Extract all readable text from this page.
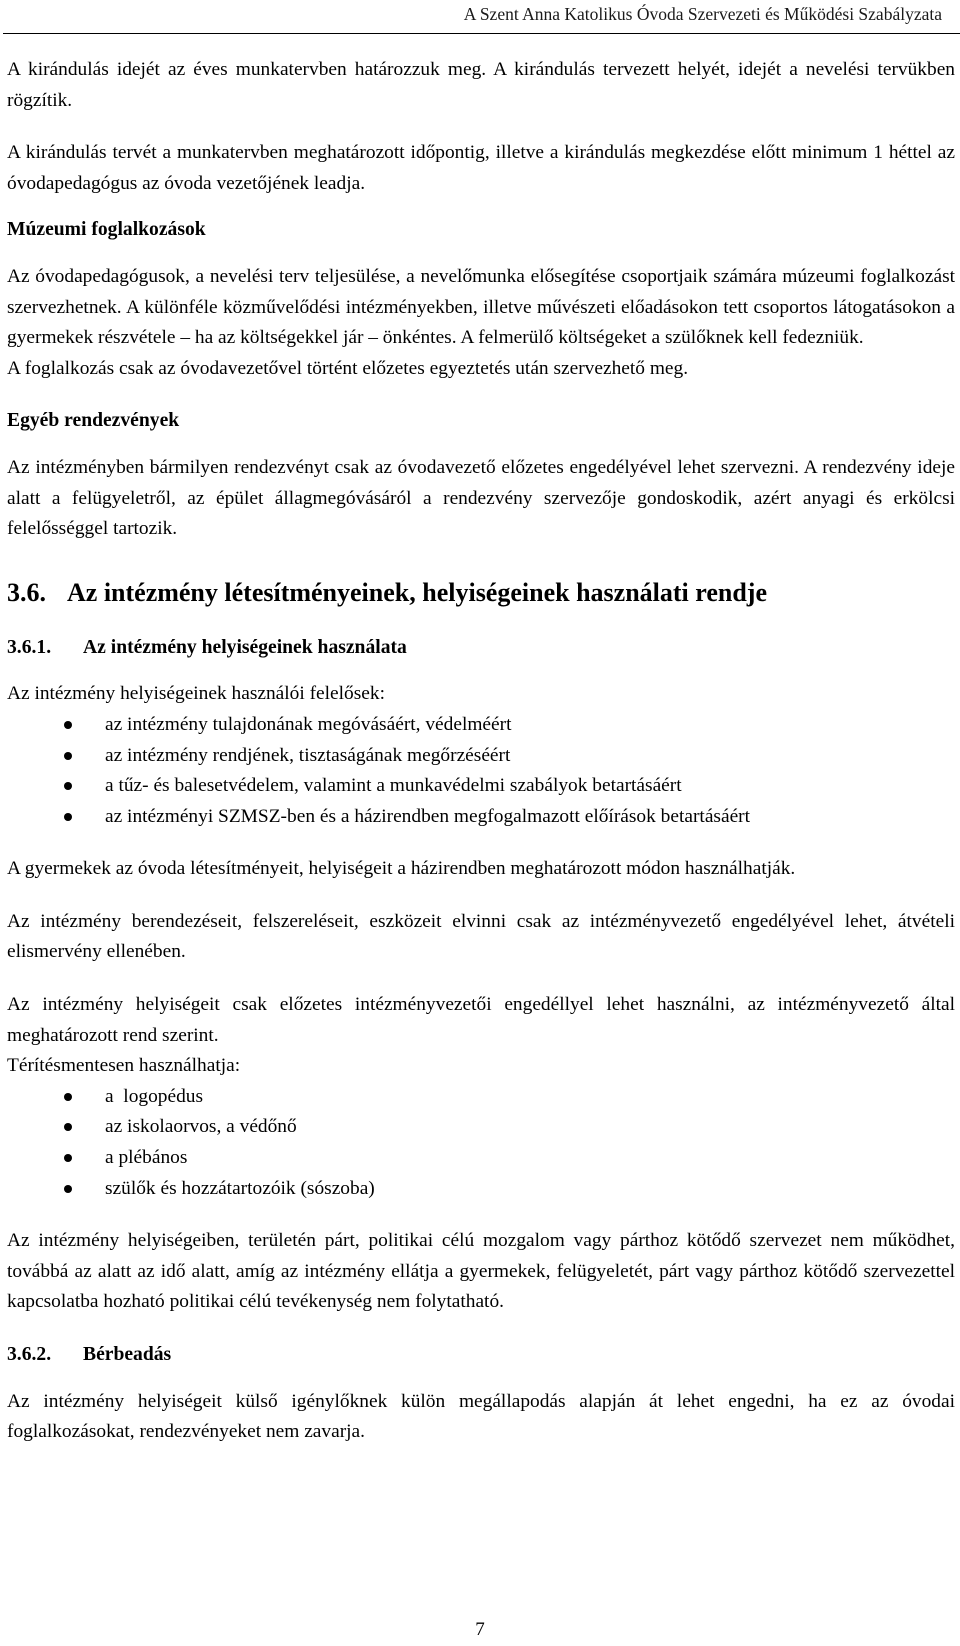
A Szent Anna Katolikus Óvoda Szervezeti és Működési Szabályzata

A kirándulás idejét az éves munkatervben határozzuk meg. A kirándulás tervezett helyét, idejét a nevelési tervükben rögzítik.

A kirándulás tervét a munkatervben meghatározott időpontig, illetve a kirándulás megkezdése előtt minimum 1 héttel az óvodapedagógus az óvoda vezetőjének leadja.

Múzeumi foglalkozások

Az óvodapedagógusok, a nevelési terv teljesülése, a nevelőmunka elősegítése csoportjaik számára múzeumi foglalkozást szervezhetnek. A különféle közművelődési intézményekben, illetve művészeti előadásokon tett csoportos látogatásokon a gyermekek részvétele – ha az költségekkel jár – önkéntes. A felmerülő költségeket a szülőknek kell fedezniük.

A foglalkozás csak az óvodavezetővel történt előzetes egyeztetés után szervezhető meg.

Egyéb rendezvények

Az intézményben bármilyen rendezvényt csak az óvodavezető előzetes engedélyével lehet szervezni. A rendezvény ideje alatt a felügyeletről, az épület állagmegóvásáról a rendezvény szervezője gondoskodik, azért anyagi és erkölcsi felelősséggel tartozik.

3.6. Az intézmény létesítményeinek, helyiségeinek használati rendje

3.6.1. Az intézmény helyiségeinek használata

Az intézmény helyiségeinek használói felelősek:

az intézmény tulajdonának megóvásáért, védelméért
az intézmény rendjének, tisztaságának megőrzéséért
a tűz- és balesetvédelem, valamint a munkavédelmi szabályok betartásáért
az intézményi SZMSZ-ben és a házirendben megfogalmazott előírások betartásáért

A gyermekek az óvoda létesítményeit, helyiségeit a házirendben meghatározott módon használhatják.

Az intézmény berendezéseit, felszereléseit, eszközeit elvinni csak az intézményvezető engedélyével lehet, átvételi elismervény ellenében.

Az intézmény helyiségeit csak előzetes intézményvezetői engedéllyel lehet használni, az intézményvezető által meghatározott rend szerint.

Térítésmentesen használhatja:

a  logopédus
az iskolaorvos, a védőnő
a plébános
szülők és hozzátartozóik (sószoba)

Az intézmény helyiségeiben, területén párt, politikai célú mozgalom vagy párthoz kötődő szervezet nem működhet, továbbá az alatt az idő alatt, amíg az intézmény ellátja a gyermekek, felügyeletét, párt vagy párthoz kötődő szervezettel kapcsolatba hozható politikai célú tevékenység nem folytatható.

3.6.2. Bérbeadás

Az intézmény helyiségeit külső igénylőknek külön megállapodás alapján át lehet engedni, ha ez az óvodai foglalkozásokat, rendezvényeket nem zavarja.

7
